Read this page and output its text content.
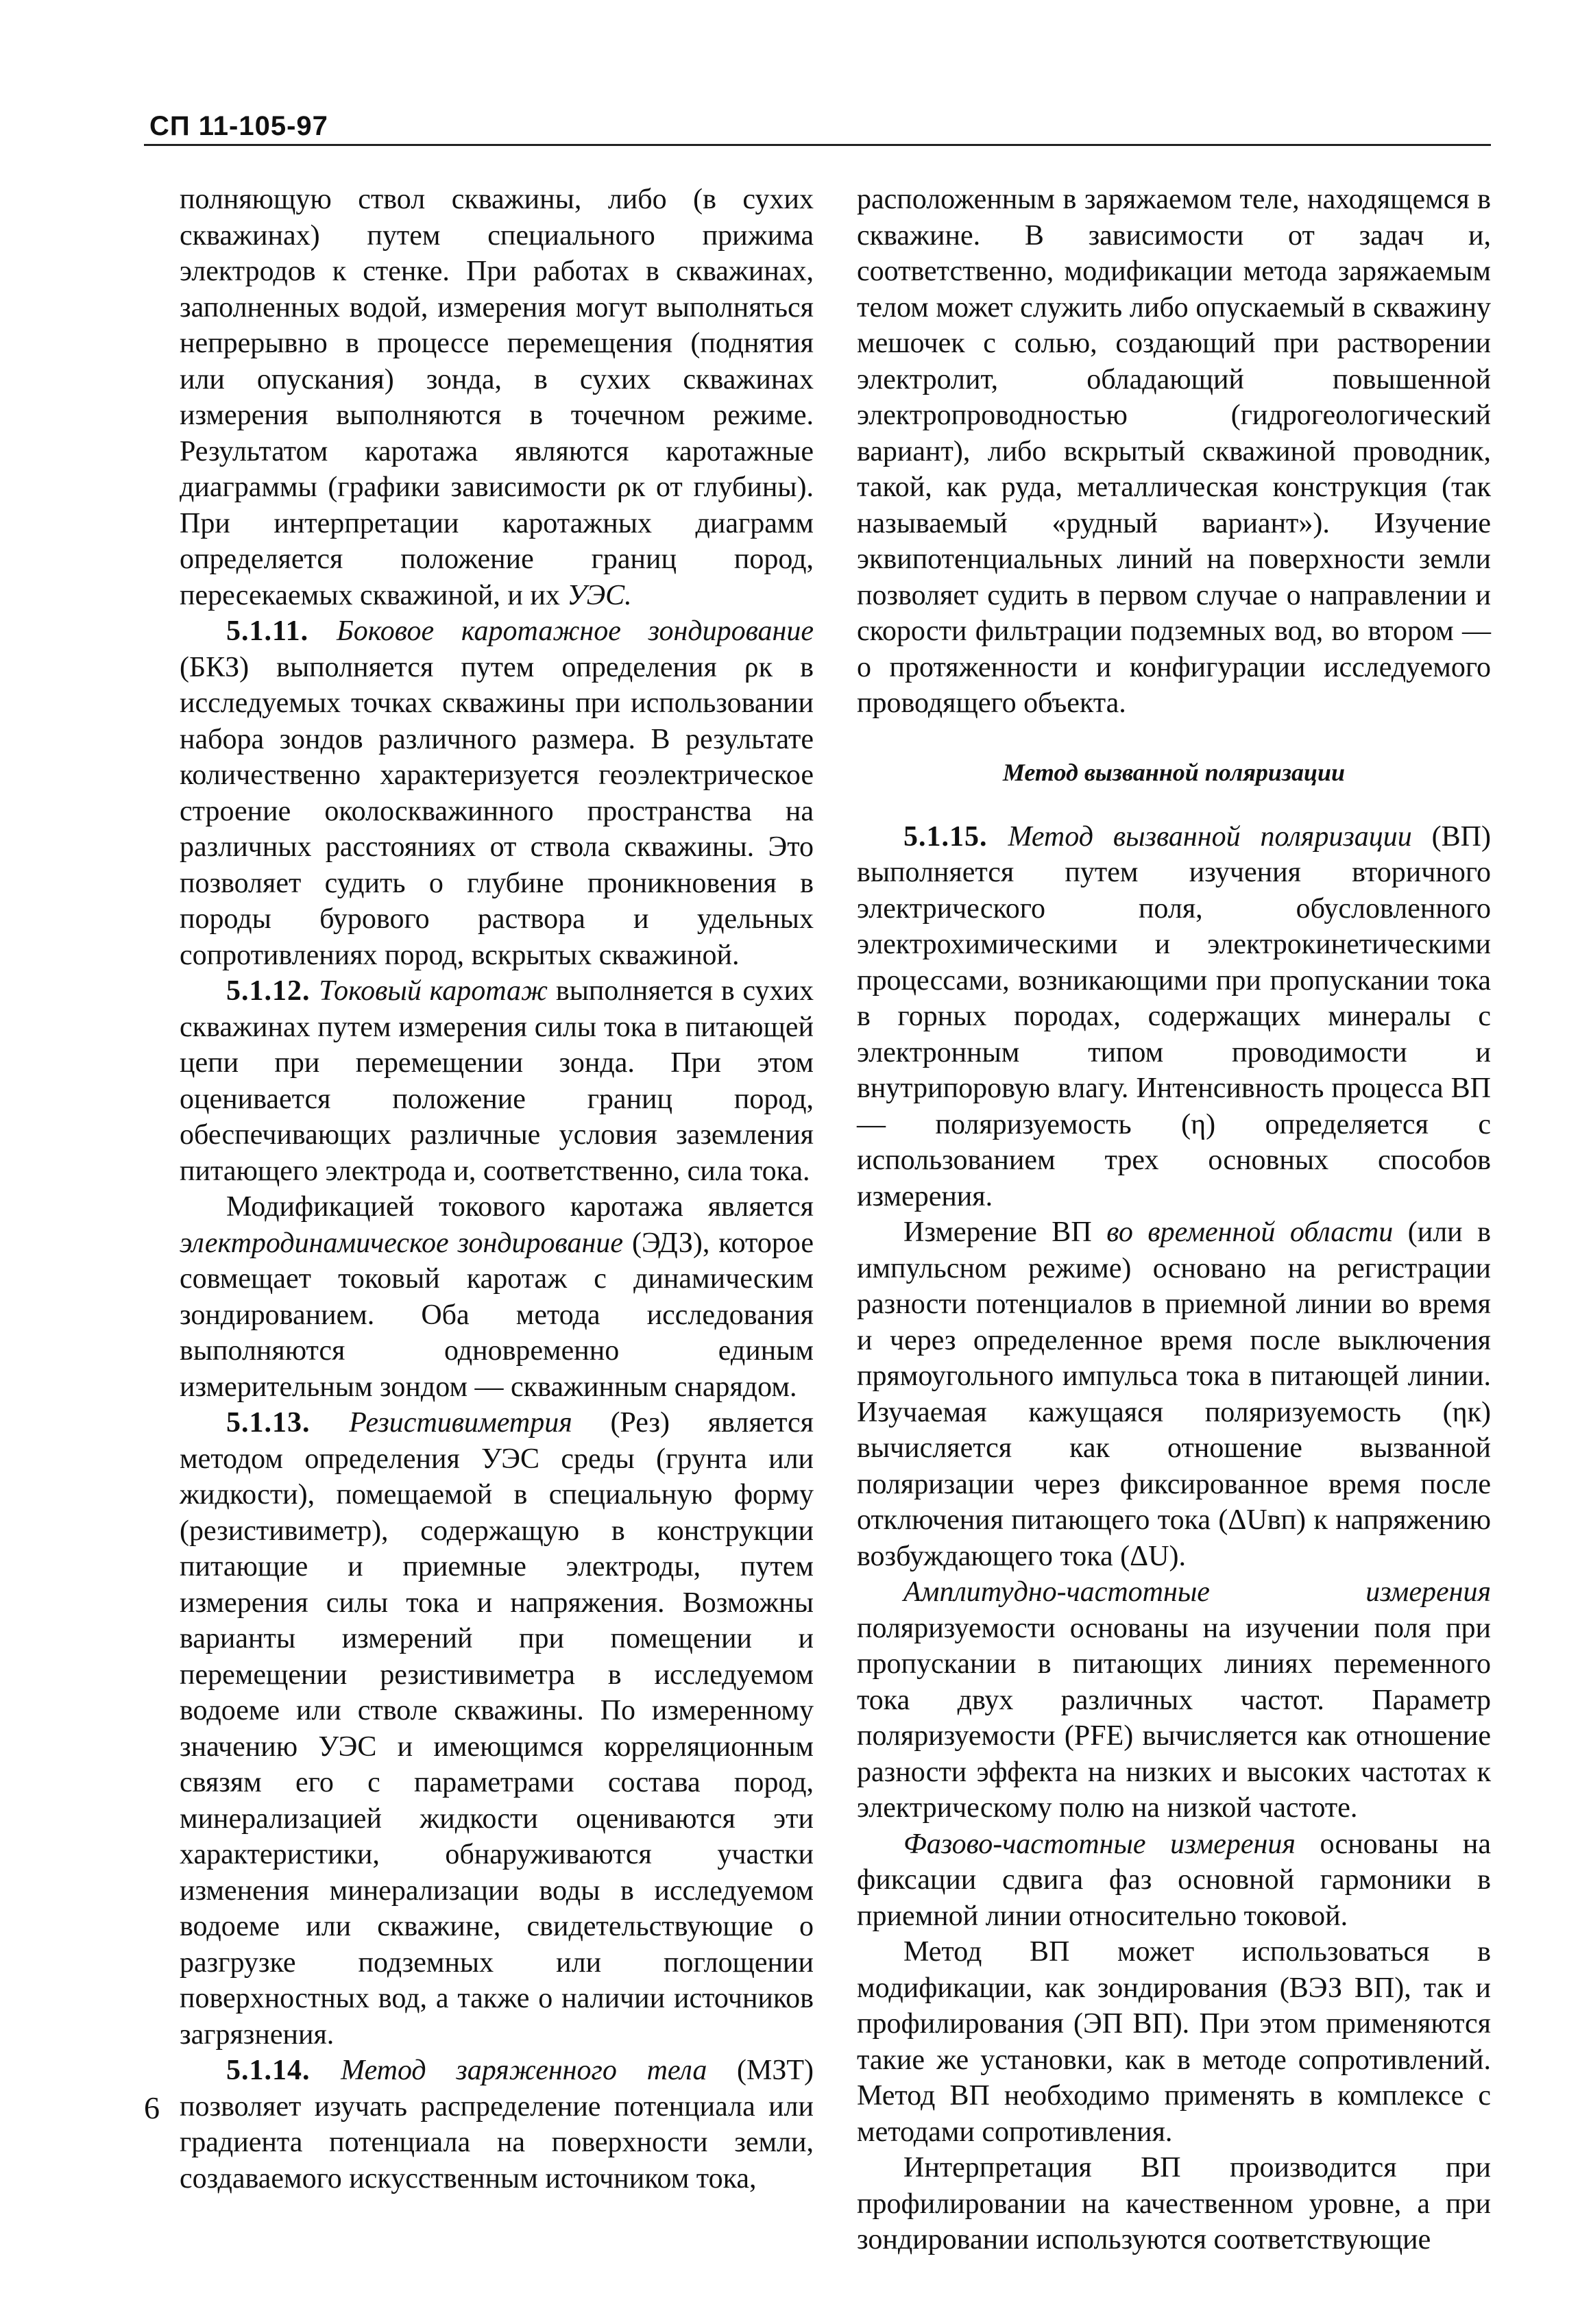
СП 11-105-97

полняющую ствол скважины, либо (в сухих скважинах) путем специального прижима электродов к стенке. При работах в скважинах, заполненных водой, измерения могут выполняться непрерывно в процессе перемещения (поднятия или опускания) зонда, в сухих скважинах измерения выполняются в точечном режиме. Результатом каротажа являются каротажные диаграммы (графики зависимости ρк от глубины). При интерпретации каротажных диаграмм определяется положение границ пород, пересекаемых скважиной, и их УЭС.

5.1.11. Боковое каротажное зондирование (БКЗ) выполняется путем определения ρк в исследуемых точках скважины при использовании набора зондов различного размера. В результате количественно характеризуется геоэлектрическое строение околоскважинного пространства на различных расстояниях от ствола скважины. Это позволяет судить о глубине проникновения в породы бурового раствора и удельных сопротивлениях пород, вскрытых скважиной.

5.1.12. Токовый каротаж выполняется в сухих скважинах путем измерения силы тока в питающей цепи при перемещении зонда. При этом оценивается положение границ пород, обеспечивающих различные условия заземления питающего электрода и, соответственно, сила тока.

Модификацией токового каротажа является электродинамическое зондирование (ЭДЗ), которое совмещает токовый каротаж с динамическим зондированием. Оба метода исследования выполняются одновременно единым измерительным зондом — скважинным снарядом.

5.1.13. Резистивиметрия (Рез) является методом определения УЭС среды (грунта или жидкости), помещаемой в специальную форму (резистивиметр), содержащую в конструкции питающие и приемные электроды, путем измерения силы тока и напряжения. Возможны варианты измерений при помещении и перемещении резистивиметра в исследуемом водоеме или стволе скважины. По измеренному значению УЭС и имеющимся корреляционным связям его с параметрами состава пород, минерализацией жидкости оцениваются эти характеристики, обнаруживаются участки изменения минерализации воды в исследуемом водоеме или скважине, свидетельствующие о разгрузке подземных или поглощении поверхностных вод, а также о наличии источников загрязнения.

5.1.14. Метод заряженного тела (МЗТ) позволяет изучать распределение потенциала или градиента потенциала на поверхности земли, создаваемого искусственным источником тока,

расположенным в заряжаемом теле, находящемся в скважине. В зависимости от задач и, соответственно, модификации метода заряжаемым телом может служить либо опускаемый в скважину мешочек с солью, создающий при растворении электролит, обладающий повышенной электропроводностью (гидрогеологический вариант), либо вскрытый скважиной проводник, такой, как руда, металлическая конструкция (так называемый «рудный вариант»). Изучение эквипотенциальных линий на поверхности земли позволяет судить в первом случае о направлении и скорости фильтрации подземных вод, во втором — о протяженности и конфигурации исследуемого проводящего объекта.

Метод вызванной поляризации

5.1.15. Метод вызванной поляризации (ВП) выполняется путем изучения вторичного электрического поля, обусловленного электрохимическими и электрокинетическими процессами, возникающими при пропускании тока в горных породах, содержащих минералы с электронным типом проводимости и внутрипоровую влагу. Интенсивность процесса ВП — поляризуемость (η) определяется с использованием трех основных способов измерения.

Измерение ВП во временной области (или в импульсном режиме) основано на регистрации разности потенциалов в приемной линии во время и через определенное время после выключения прямоугольного импульса тока в питающей линии. Изучаемая кажущаяся поляризуемость (ηк) вычисляется как отношение вызванной поляризации через фиксированное время после отключения питающего тока (ΔUвп) к напряжению возбуждающего тока (ΔU).

Амплитудно-частотные измерения поляризуемости основаны на изучении поля при пропускании в питающих линиях переменного тока двух различных частот. Параметр поляризуемости (PFE) вычисляется как отношение разности эффекта на низких и высоких частотах к электрическому полю на низкой частоте.

Фазово-частотные измерения основаны на фиксации сдвига фаз основной гармоники в приемной линии относительно токовой.

Метод ВП может использоваться в модификации, как зондирования (ВЭЗ ВП), так и профилирования (ЭП ВП). При этом применяются такие же установки, как в методе сопротивлений. Метод ВП необходимо применять в комплексе с методами сопротивления.

Интерпретация ВП производится при профилировании на качественном уровне, а при зондировании используются соответствующие

6
